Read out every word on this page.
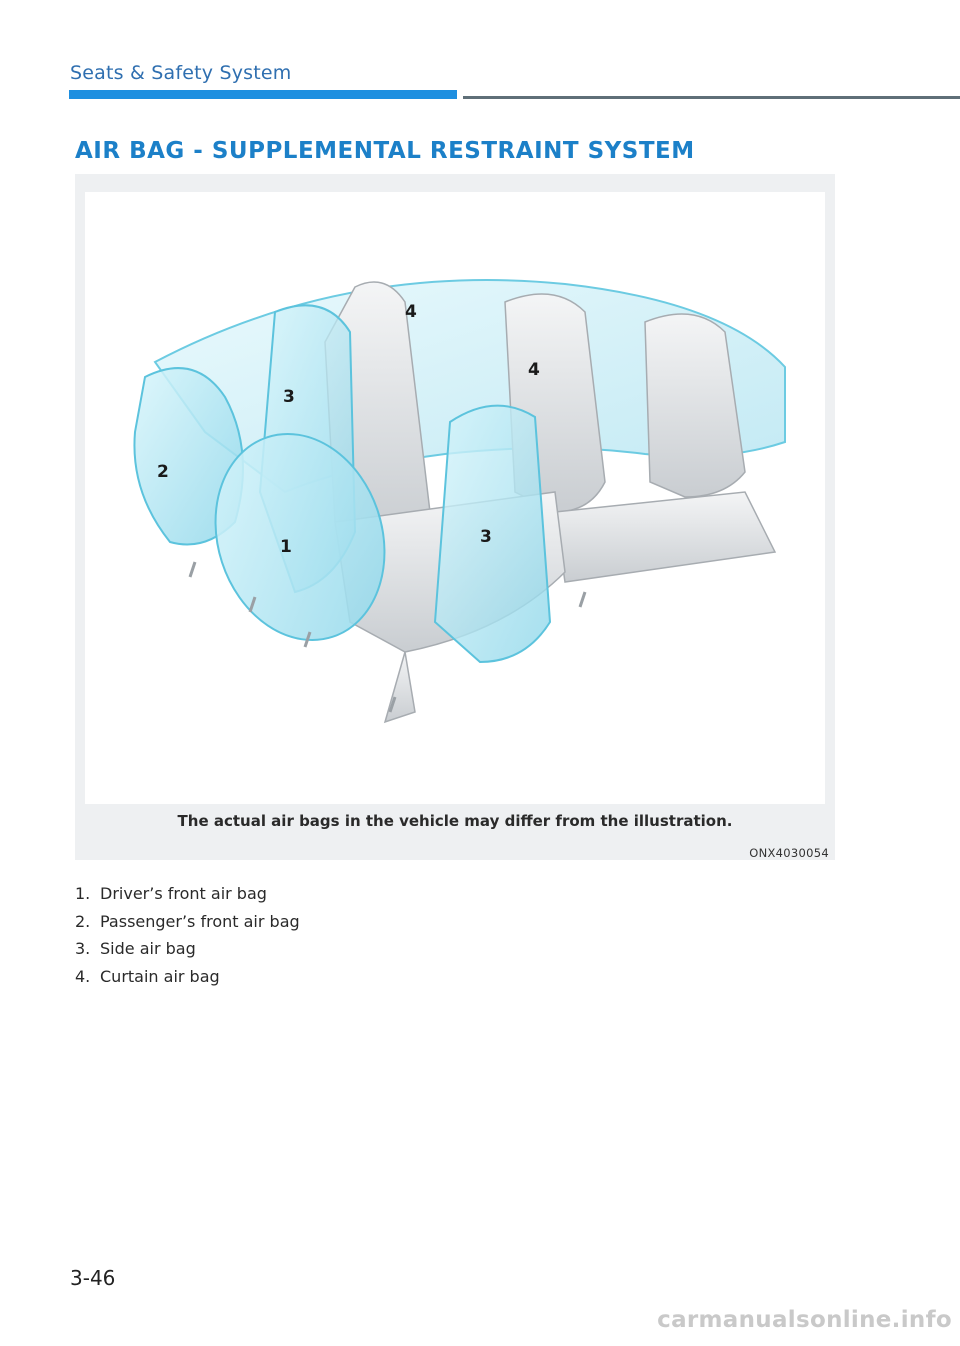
Seats & Safety System
AIR BAG - SUPPLEMENTAL RESTRAINT SYSTEM
1
2
3
3
4
4
The actual air bags in the vehicle may differ from the illustration.
ONX4030054
1. Driver’s front air bag
2. Passenger’s front air bag
3. Side air bag
4. Curtain air bag
3-46
carmanualsonline.info
